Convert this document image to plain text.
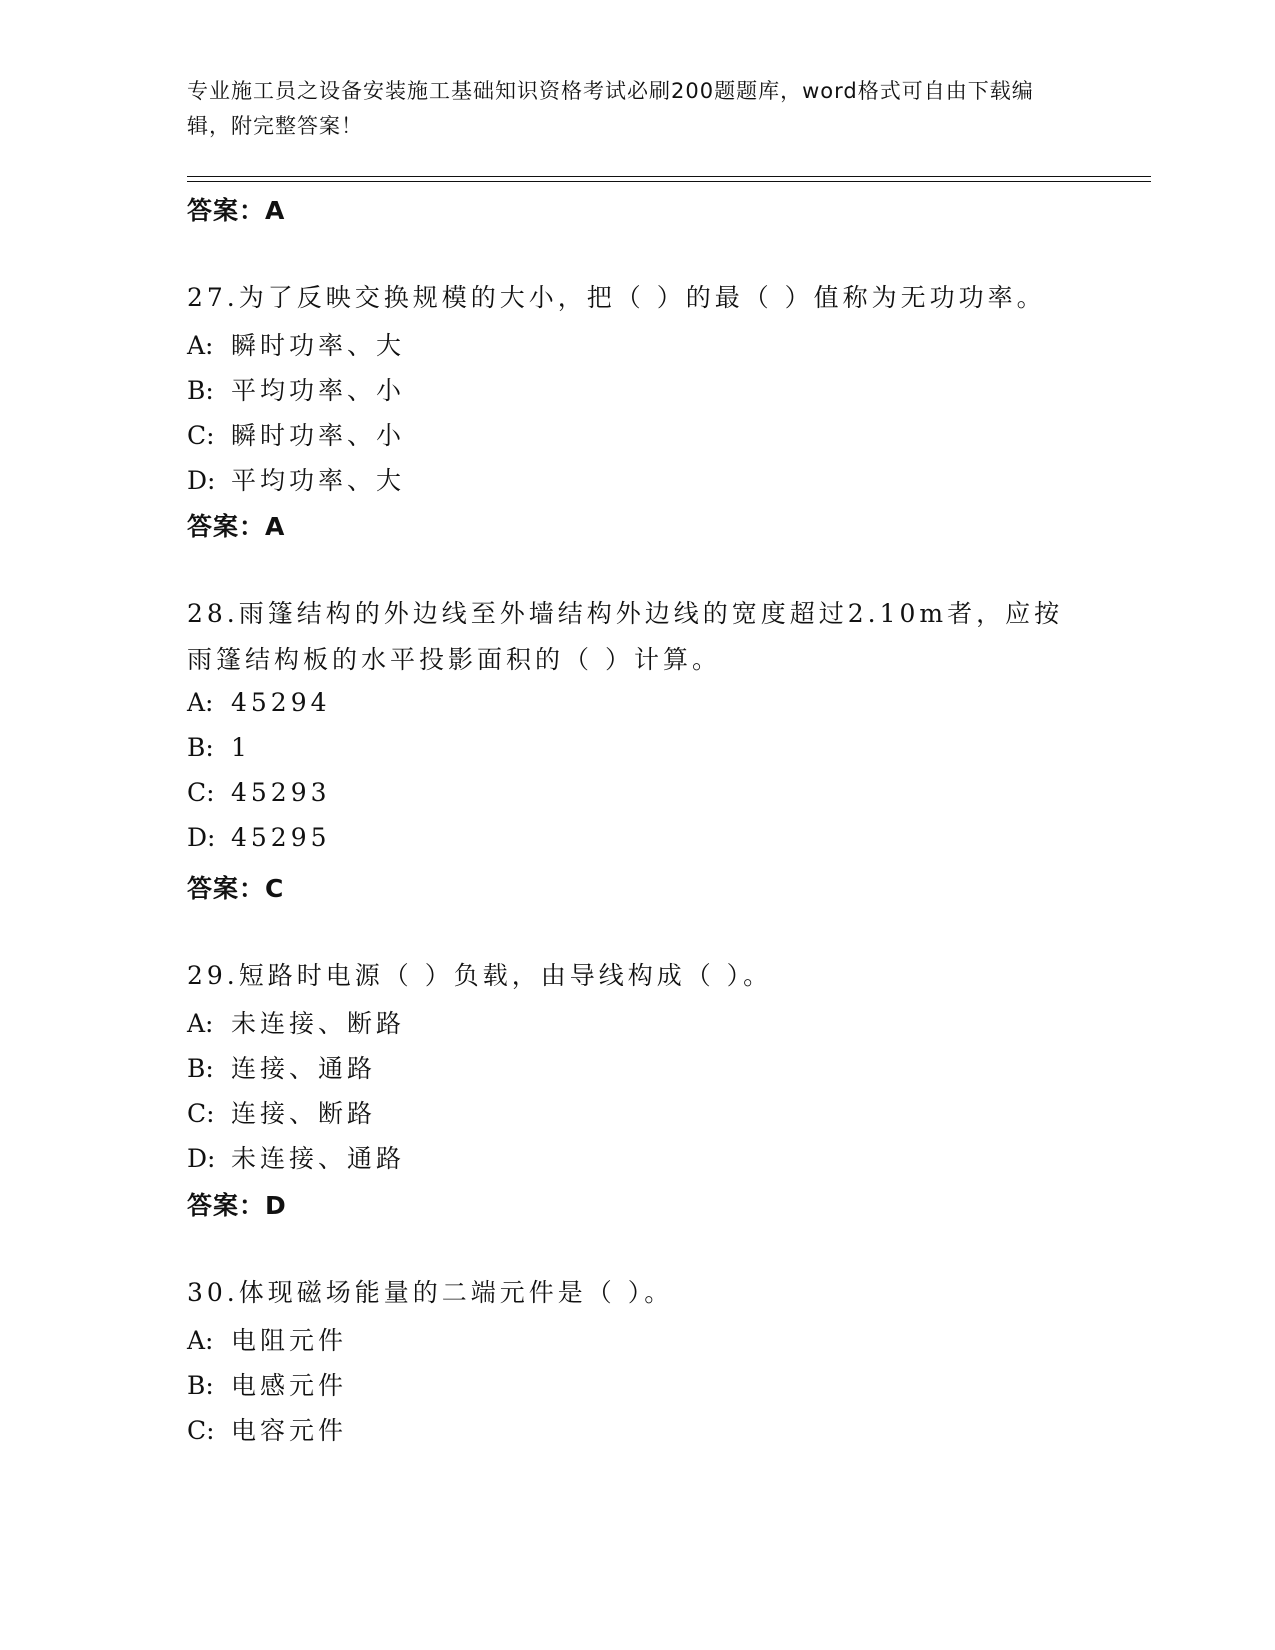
专业施工员之设备安装施工基础知识资格考试必刷200题题库，word格式可自由下载编辑，附完整答案！
答案：A
27.为了反映交换规模的大小，把（ ）的最（ ）值称为无功功率。
A: 瞬时功率、大
B: 平均功率、小
C: 瞬时功率、小
D: 平均功率、大
答案：A
28.雨篷结构的外边线至外墙结构外边线的宽度超过2.10m者，应按雨篷结构板的水平投影面积的（ ）计算。
A: 45294
B: 1
C: 45293
D: 45295
答案：C
29.短路时电源（ ）负载，由导线构成（ ）。
A: 未连接、断路
B: 连接、通路
C: 连接、断路
D: 未连接、通路
答案：D
30.体现磁场能量的二端元件是（ ）。
A: 电阻元件
B: 电感元件
C: 电容元件
